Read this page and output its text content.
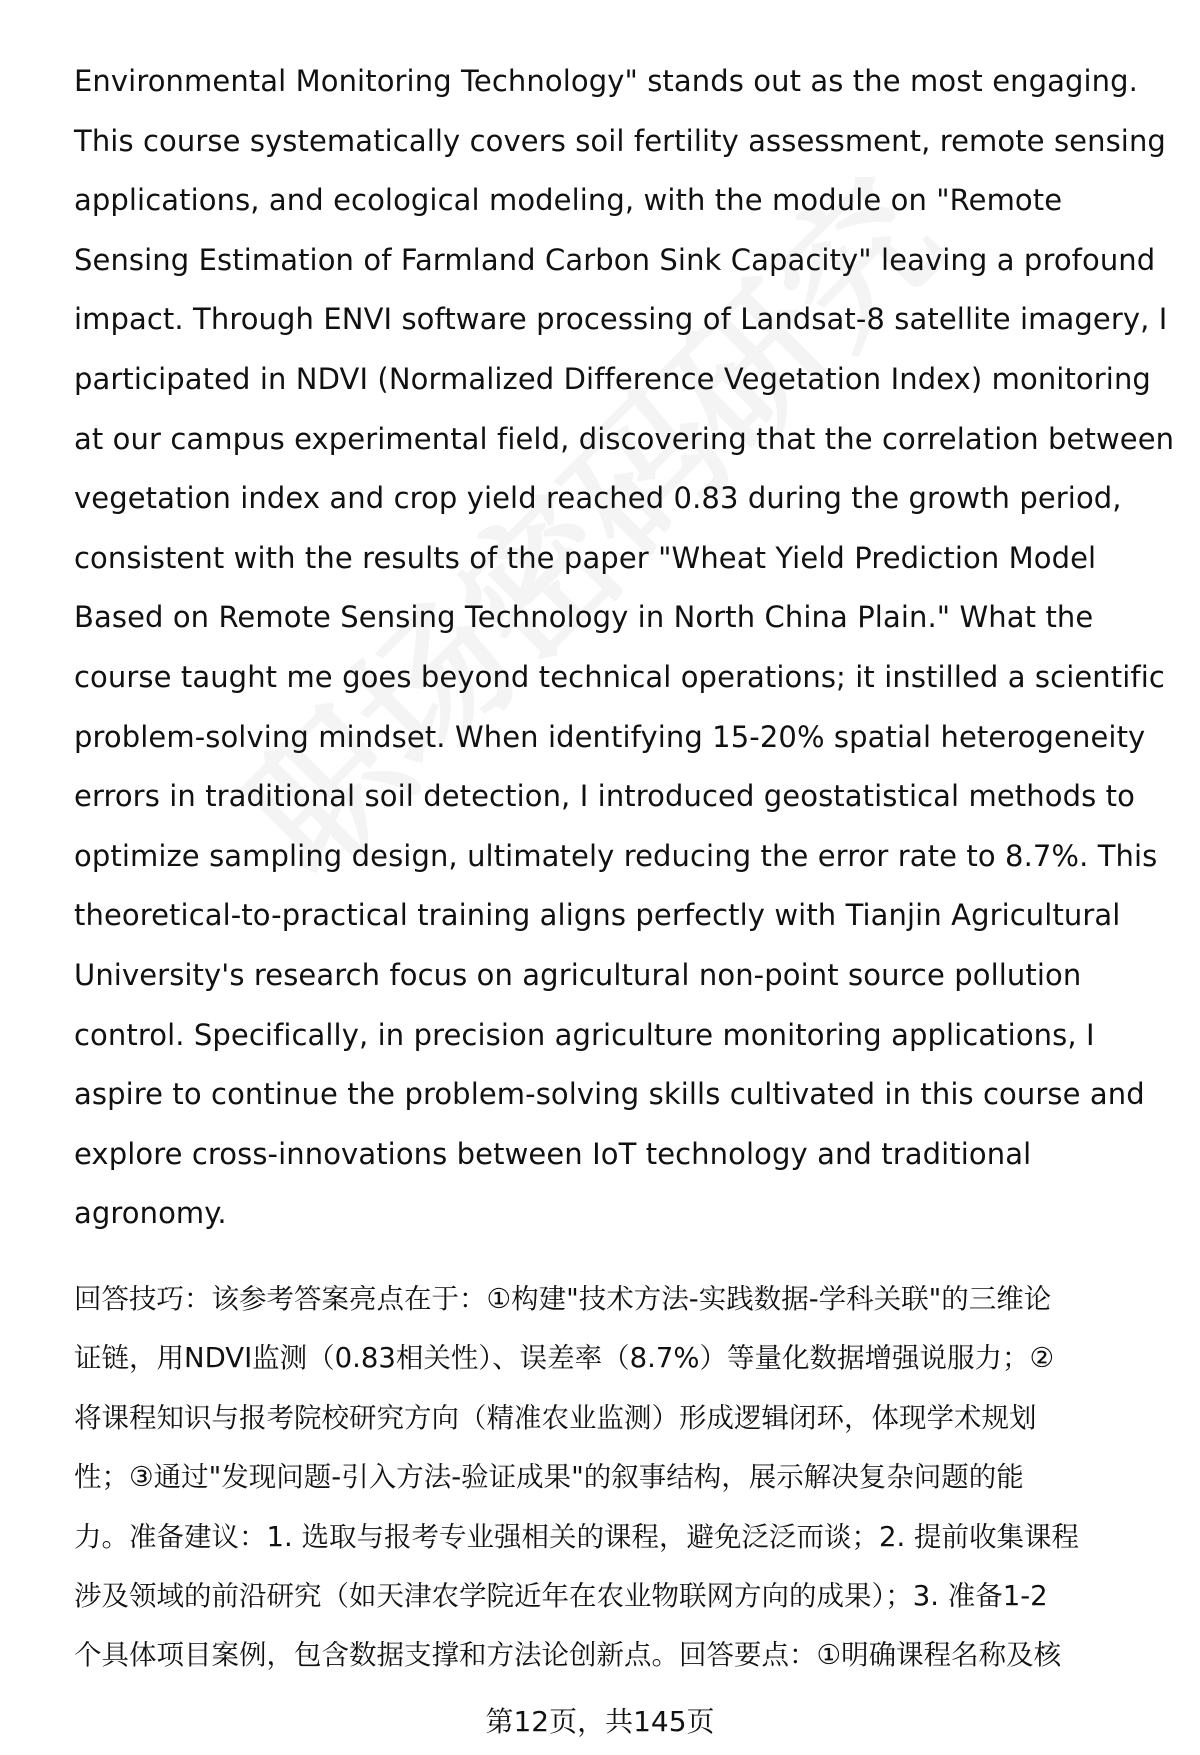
Environmental Monitoring Technology" stands out as the most engaging.
This course systematically covers soil fertility assessment, remote sensing
applications, and ecological modeling, with the module on "Remote
Sensing Estimation of Farmland Carbon Sink Capacity" leaving a profound
impact. Through ENVI software processing of Landsat-8 satellite imagery, I
participated in NDVI (Normalized Difference Vegetation Index) monitoring
at our campus experimental field, discovering that the correlation between
vegetation index and crop yield reached 0.83 during the growth period,
consistent with the results of the paper "Wheat Yield Prediction Model
Based on Remote Sensing Technology in North China Plain." What the
course taught me goes beyond technical operations; it instilled a scientific
problem-solving mindset. When identifying 15-20% spatial heterogeneity
errors in traditional soil detection, I introduced geostatistical methods to
optimize sampling design, ultimately reducing the error rate to 8.7%. This
theoretical-to-practical training aligns perfectly with Tianjin Agricultural
University's research focus on agricultural non-point source pollution
control. Specifically, in precision agriculture monitoring applications, I
aspire to continue the problem-solving skills cultivated in this course and
explore cross-innovations between IoT technology and traditional
agronomy.
回答技巧：该参考答案亮点在于：①构建"技术方法-实践数据-学科关联"的三维论
证链，用NDVI监测（0.83相关性）、误差率（8.7%）等量化数据增强说服力；②
将课程知识与报考院校研究方向（精准农业监测）形成逻辑闭环，体现学术规划
性；③通过"发现问题-引入方法-验证成果"的叙事结构，展示解决复杂问题的能
力。准备建议：1. 选取与报考专业强相关的课程，避免泛泛而谈；2. 提前收集课程
涉及领域的前沿研究（如天津农学院近年在农业物联网方向的成果）；3. 准备1-2
个具体项目案例，包含数据支撑和方法论创新点。回答要点：①明确课程名称及核
第12页，共145页
